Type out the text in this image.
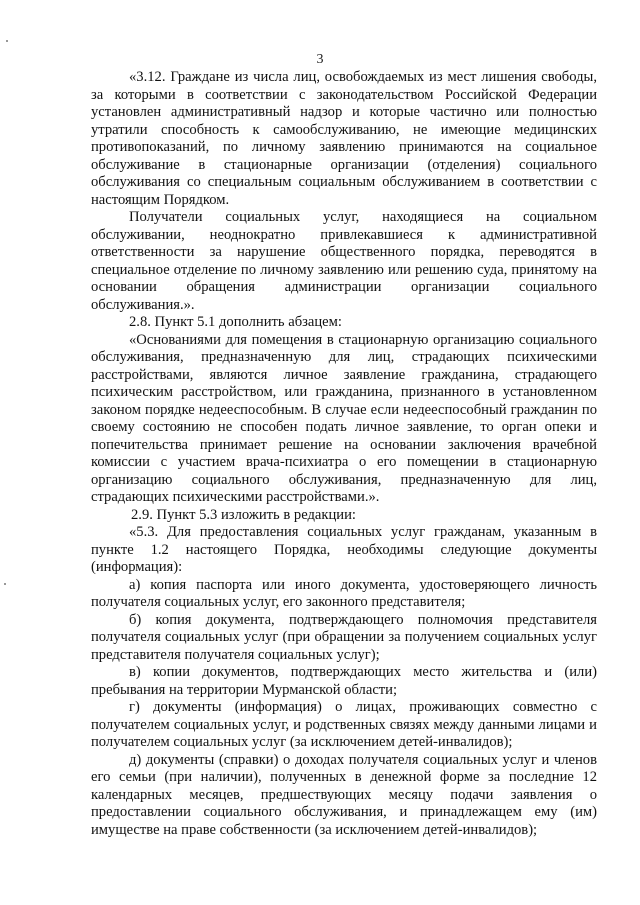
3

«3.12. Граждане из числа лиц, освобождаемых из мест лишения свободы, за которыми в соответствии с законодательством Российской Федерации установлен административный надзор и которые частично или полностью утратили способность к самообслуживанию, не имеющие медицинских противопоказаний, по личному заявлению принимаются на социальное обслуживание в стационарные организации (отделения) социального обслуживания со специальным социальным обслуживанием в соответствии с настоящим Порядком.

Получатели социальных услуг, находящиеся на социальном обслуживании, неоднократно привлекавшиеся к административной ответственности за нарушение общественного порядка, переводятся в специальное отделение по личному заявлению или решению суда, принятому на основании обращения администрации организации социального обслуживания.».

2.8. Пункт 5.1 дополнить абзацем:

«Основаниями для помещения в стационарную организацию социального обслуживания, предназначенную для лиц, страдающих психическими расстройствами, являются личное заявление гражданина, страдающего психическим расстройством, или гражданина, признанного в установленном законом порядке недееспособным. В случае если недееспособный гражданин по своему состоянию не способен подать личное заявление, то орган опеки и попечительства принимает решение на основании заключения врачебной комиссии с участием врача-психиатра о его помещении в стационарную организацию социального обслуживания, предназначенную для лиц, страдающих психическими расстройствами.».

2.9. Пункт 5.3 изложить в редакции:

«5.3. Для предоставления социальных услуг гражданам, указанным в пункте 1.2 настоящего Порядка, необходимы следующие документы (информация):

а) копия паспорта или иного документа, удостоверяющего личность получателя социальных услуг, его законного представителя;

б) копия документа, подтверждающего полномочия представителя получателя социальных услуг (при обращении за получением социальных услуг представителя получателя социальных услуг);

в) копии документов, подтверждающих место жительства и (или) пребывания на территории Мурманской области;

г) документы (информация) о лицах, проживающих совместно с получателем социальных услуг, и родственных связях между данными лицами и получателем социальных услуг (за исключением детей-инвалидов);

д) документы (справки) о доходах получателя социальных услуг и членов его семьи (при наличии), полученных в денежной форме за последние 12 календарных месяцев, предшествующих месяцу подачи заявления о предоставлении социального обслуживания, и принадлежащем ему (им) имуществе на праве собственности (за исключением детей-инвалидов);
